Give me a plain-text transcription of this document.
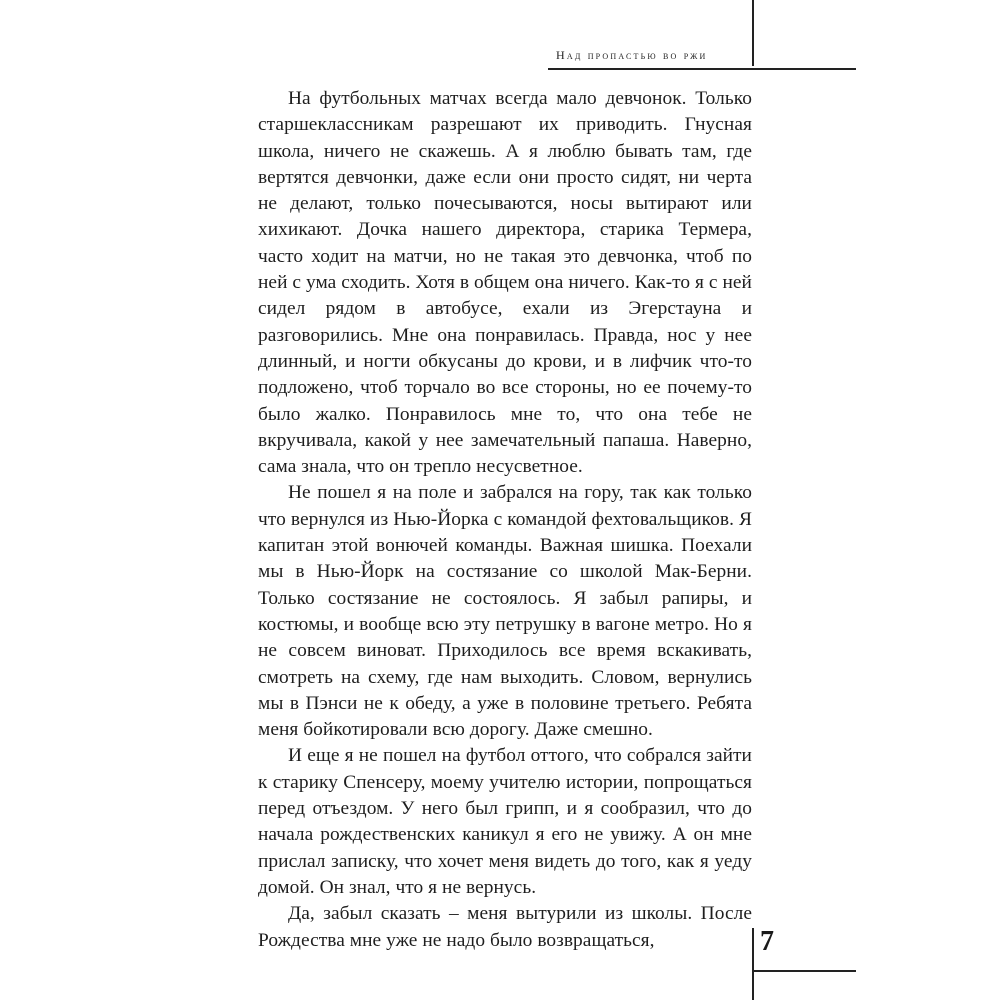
Над пропастью во ржи

На футбольных матчах всегда мало девчонок. Только старшеклассникам разрешают их приводить. Гнусная школа, ничего не скажешь. А я люблю бывать там, где вертятся девчонки, даже если они просто сидят, ни черта не делают, только почесываются, носы вытирают или хихикают. Дочка нашего директора, старика Термера, часто ходит на матчи, но не такая это девчонка, чтоб по ней с ума сходить. Хотя в общем она ничего. Как-то я с ней сидел рядом в автобусе, ехали из Эгерстауна и разговорились. Мне она понравилась. Правда, нос у нее длинный, и ногти обкусаны до крови, и в лифчик что-то подложено, чтоб торчало во все стороны, но ее почему-то было жалко. Понравилось мне то, что она тебе не вкручивала, какой у нее замечательный папаша. Наверно, сама знала, что он трепло несусветное.

Не пошел я на поле и забрался на гору, так как только что вернулся из Нью-Йорка с командой фехтовальщиков. Я капитан этой вонючей команды. Важная шишка. Поехали мы в Нью-Йорк на состязание со школой Мак-Берни. Только состязание не состоялось. Я забыл рапиры, и костюмы, и вообще всю эту петрушку в вагоне метро. Но я не совсем виноват. Приходилось все время вскакивать, смотреть на схему, где нам выходить. Словом, вернулись мы в Пэнси не к обеду, а уже в половине третьего. Ребята меня бойкотировали всю дорогу. Даже смешно.

И еще я не пошел на футбол оттого, что собрался зайти к старику Спенсеру, моему учителю истории, попрощаться перед отъездом. У него был грипп, и я сообразил, что до начала рождественских каникул я его не увижу. А он мне прислал записку, что хочет меня видеть до того, как я уеду домой. Он знал, что я не вернусь.

Да, забыл сказать – меня вытурили из школы. После Рождества мне уже не надо было возвращаться,	7
